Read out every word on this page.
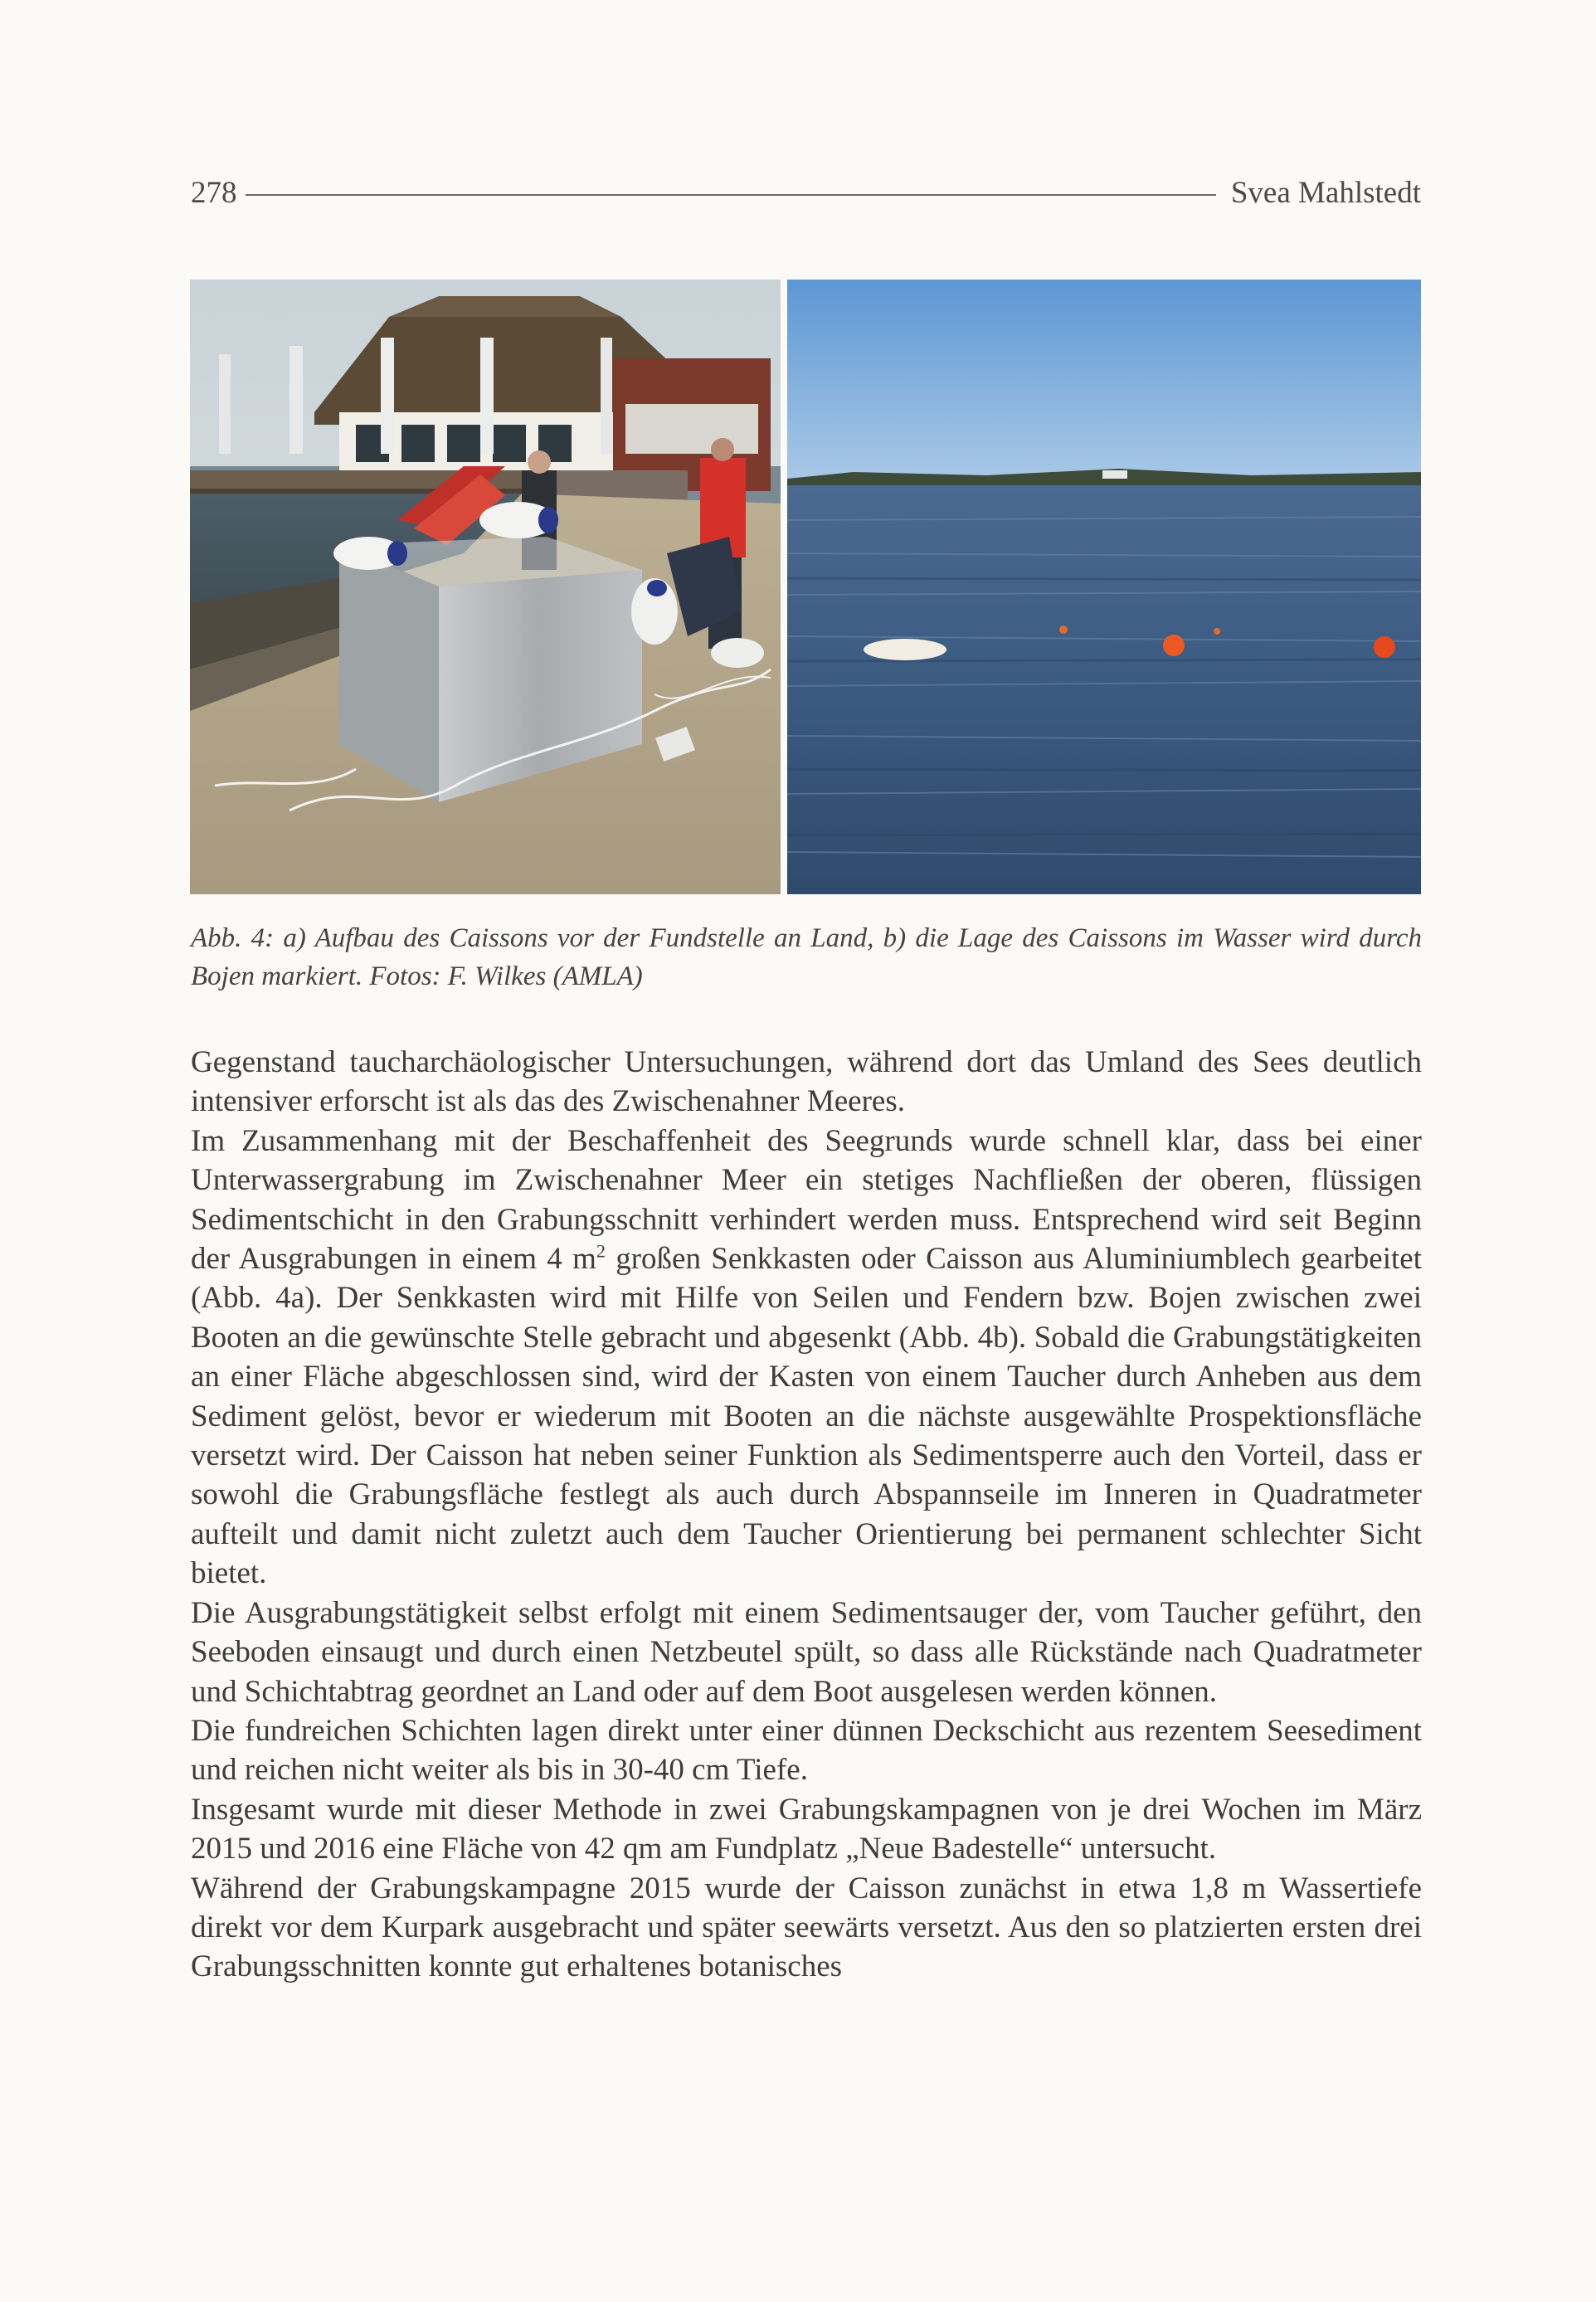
278	Svea Mahlstedt
Abb. 4: a) Aufbau des Caissons vor der Fundstelle an Land, b) die Lage des Caissons im Wasser wird durch Bojen markiert. Fotos: F. Wilkes (AMLA)

Gegenstand taucharchäologischer Untersuchungen, während dort das Umland des Sees deutlich intensiver erforscht ist als das des Zwischenahner Meeres.

Im Zusammenhang mit der Beschaffenheit des Seegrunds wurde schnell klar, dass bei einer Unterwassergrabung im Zwischenahner Meer ein stetiges Nachfließen der oberen, flüssigen Sedimentschicht in den Grabungsschnitt verhindert werden muss. Entsprechend wird seit Beginn der Ausgrabungen in einem 4 $m^2$ großen Senkkasten oder Caisson aus Aluminiumblech gearbeitet (Abb. 4a). Der Senkkasten wird mit Hilfe von Seilen und Fendern bzw. Bojen zwischen zwei Booten an die gewünschte Stelle gebracht und abgesenkt (Abb. 4b). Sobald die Grabungstätigkeiten an einer Fläche abgeschlossen sind, wird der Kasten von einem Taucher durch Anheben aus dem Sediment gelöst, bevor er wiederum mit Booten an die nächste ausgewählte Prospektionsfläche versetzt wird. Der Caisson hat neben seiner Funktion als Sedimentsperre auch den Vorteil, dass er sowohl die Grabungsfläche festlegt als auch durch Abspannseile im Inneren in Quadratmeter aufteilt und damit nicht zuletzt auch dem Taucher Orientierung bei permanent schlechter Sicht bietet.

Die Ausgrabungstätigkeit selbst erfolgt mit einem Sedimentsauger der, vom Taucher geführt, den Seeboden einsaugt und durch einen Netzbeutel spült, so dass alle Rückstände nach Quadratmeter und Schichtabtrag geordnet an Land oder auf dem Boot ausgelesen werden können.

Die fundreichen Schichten lagen direkt unter einer dünnen Deckschicht aus rezentem Seesediment und reichen nicht weiter als bis in 30-40 cm Tiefe.

Insgesamt wurde mit dieser Methode in zwei Grabungskampagnen von je drei Wochen im März 2015 und 2016 eine Fläche von 42 qm am Fundplatz „Neue Badestelle“ untersucht.

Während der Grabungskampagne 2015 wurde der Caisson zunächst in etwa 1,8 m Wassertiefe direkt vor dem Kurpark ausgebracht und später seewärts versetzt. Aus den so platzierten ersten drei Grabungsschnitten konnte gut erhaltenes botanisches
